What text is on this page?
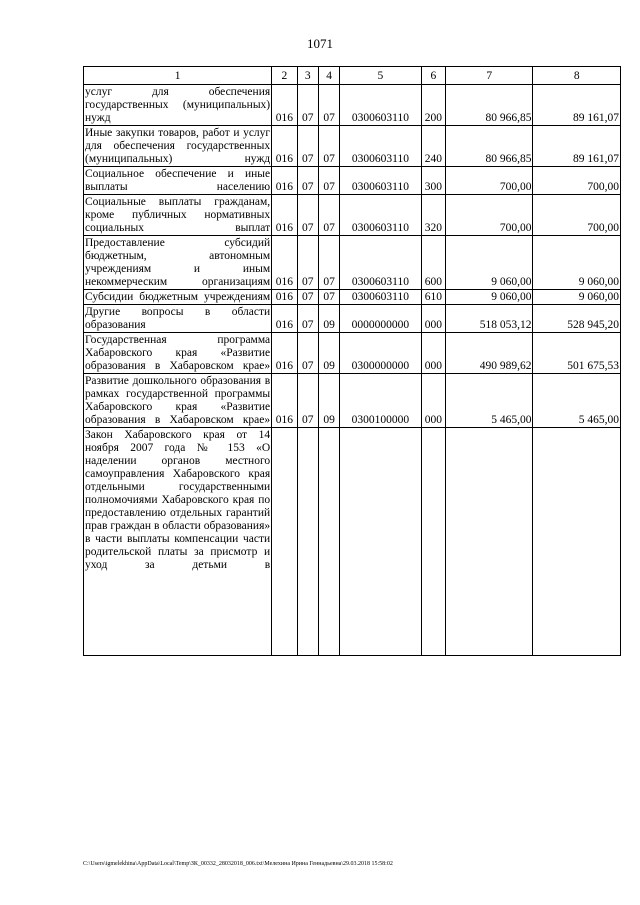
1071
1	2	3	4	5	6	7	8
услуг для обеспечения государственных (муниципальных) нужд	016	07	07	0300603110	200	80 966,85	89 161,07
Иные закупки товаров, работ и услуг для обеспечения государственных (муниципальных) нужд	016	07	07	0300603110	240	80 966,85	89 161,07
Социальное обеспечение и иные выплаты населению	016	07	07	0300603110	300	700,00	700,00
Социальные выплаты гражданам, кроме публичных нормативных социальных выплат	016	07	07	0300603110	320	700,00	700,00
Предоставление субсидий бюджетным, автономным учреждениям и иным некоммерческим организациям	016	07	07	0300603110	600	9 060,00	9 060,00
Субсидии бюджетным учреждениям	016	07	07	0300603110	610	9 060,00	9 060,00
Другие вопросы в области образования	016	07	09	0000000000	000	518 053,12	528 945,20
Государственная программа Хабаровского края «Развитие образования в Хабаровском крае»	016	07	09	0300000000	000	490 989,62	501 675,53
Развитие дошкольного образования в рамках государственной программы Хабаровского края «Развитие образования в Хабаровском крае»	016	07	09	0300100000	000	5 465,00	5 465,00
Закон Хабаровского края от 14 ноября 2007 года № 153 «О наделении органов местного самоуправления Хабаровского края отдельными государственными полномочиями Хабаровского края по предоставлению отдельных гарантий прав граждан в области образования» в части выплаты компенсации части родительской платы за присмотр и уход за детьми в							
C:\Users\igmelekhina\AppData\Local\Temp\ЗК_00332_28032018_006.txt\Мелехина Ирина Геннадьевна\29.03.2018 15:58:02
